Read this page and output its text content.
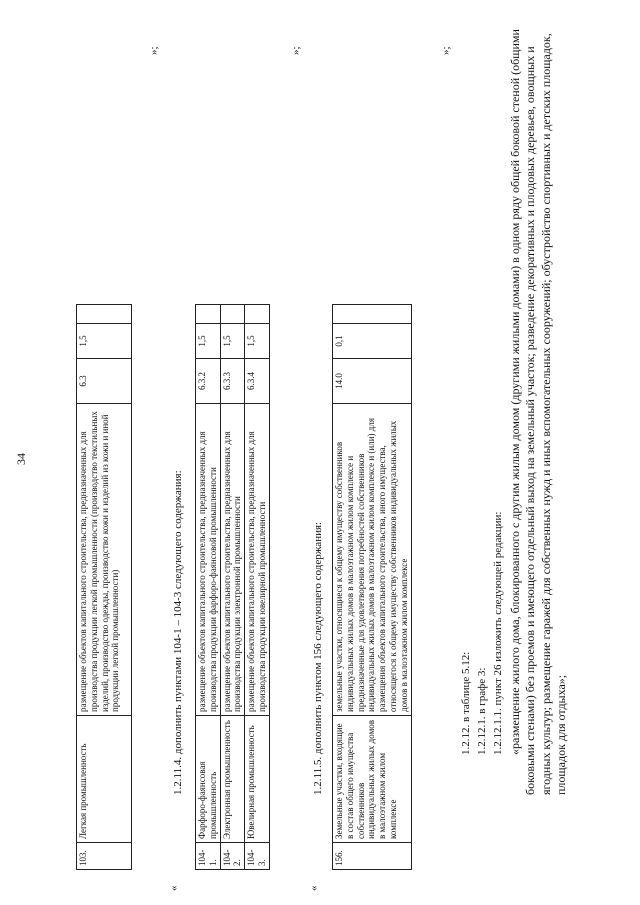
34
103.	Легкая промышленность	размещение объектов капитального строительства, предназначенных для производства продукции легкой промышленности (производство текстильных изделий, производство одежды, производство кожи и изделий из кожи и иной продукции легкой промышленности)	6.3	1,5	
»;
«
1.2.11.4. дополнить пунктами 104-1 – 104-3 следующего содержания:
104-1.	Фарфоро-фаянсовая промышленность	размещение объектов капитального строительства, предназначенных для производства продукции фарфоро-фаянсовой промышленности	6.3.2	1,5	
104-2.	Электронная промышленность	размещение объектов капитального строительства, предназначенных для производства продукции электронной промышленности	6.3.3	1,5	
104-3.	Ювелирная промышленность	размещение объектов капитального строительства, предназначенных для производства продукции ювелирной промышленности	6.3.4	1,5	
»;
«
1.2.11.5. дополнить пунктом 156 следующего содержания:
156.	Земельные участки, входящие в состав общего имущества собственников индивидуальных жилых домов в малоэтажном жилом комплексе	земельные участки, относящиеся к общему имуществу собственников индивидуальных жилых домов в малоэтажном жилом комплексе и предназначенные для удовлетворения потребностей собственников индивидуальных жилых домов в малоэтажном жилом комплексе и (или) для размещения объектов капитального строительства, иного имущества, относящегося к общему имуществу собственников индивидуальных жилых домов в малоэтажном жилом комплексе	14.0	0,1	
»;
1.2.12. в таблице 5.12: 1.2.12.1. в графе 3: 1.2.12.1.1. пункт 26 изложить следующей редакции: «размещение жилого дома, блокированного с другим жилым домом (другими жилыми домами) в одном ряду общей боковой стеной (общими боковыми стенами) без проемов и имеющего отдельный выход на земельный участок; разведение декоративных и плодовых деревьев, овощных и ягодных культур; размещение гаражей для собственных нужд и иных вспомогательных сооружений; обустройство спортивных и детских площадок, площадок для отдыха»;
